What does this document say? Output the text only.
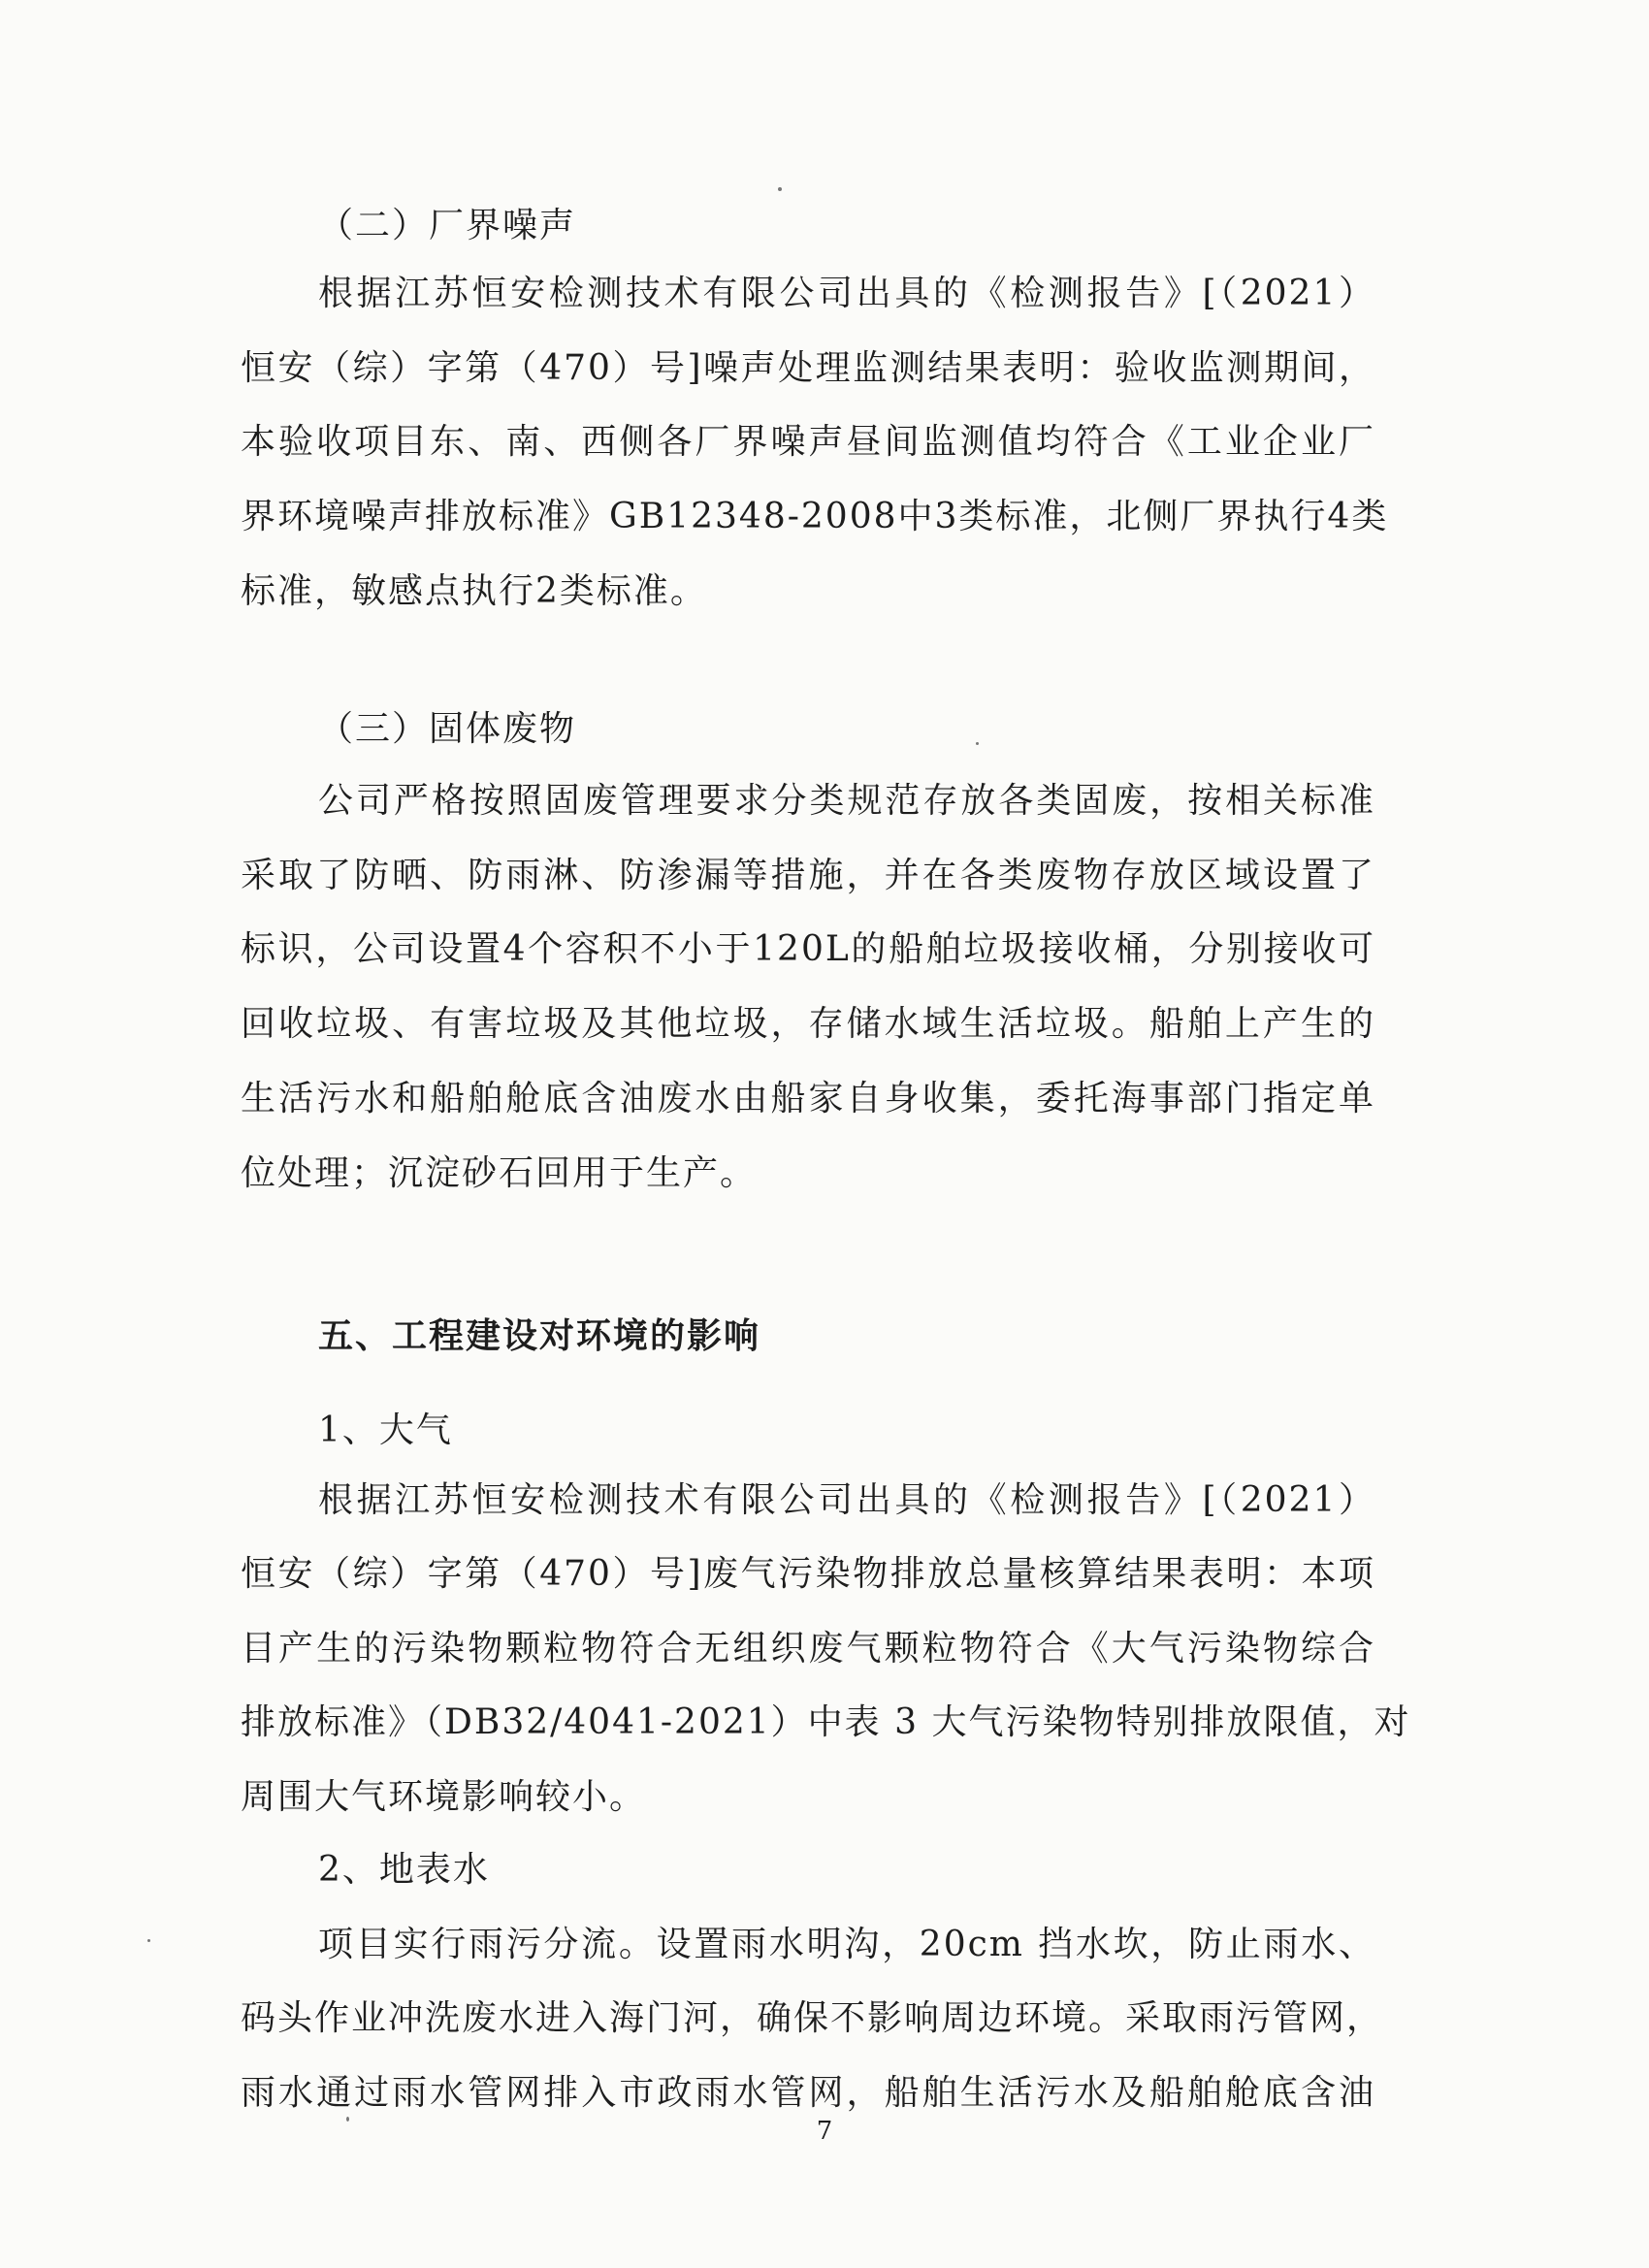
（二）厂界噪声
根据江苏恒安检测技术有限公司出具的《检测报告》[（2021）
恒安（综）字第（470）号]噪声处理监测结果表明：验收监测期间，
本验收项目东、南、西侧各厂界噪声昼间监测值均符合《工业企业厂
界环境噪声排放标准》GB12348-2008中3类标准，北侧厂界执行4类
标准，敏感点执行2类标准。
（三）固体废物
公司严格按照固废管理要求分类规范存放各类固废，按相关标准
采取了防晒、防雨淋、防渗漏等措施，并在各类废物存放区域设置了
标识，公司设置4个容积不小于120L的船舶垃圾接收桶，分别接收可
回收垃圾、有害垃圾及其他垃圾，存储水域生活垃圾。船舶上产生的
生活污水和船舶舱底含油废水由船家自身收集，委托海事部门指定单
位处理；沉淀砂石回用于生产。
五、工程建设对环境的影响
1、大气
根据江苏恒安检测技术有限公司出具的《检测报告》[（2021）
恒安（综）字第（470）号]废气污染物排放总量核算结果表明：本项
目产生的污染物颗粒物符合无组织废气颗粒物符合《大气污染物综合
排放标准》（DB32/4041-2021）中表 3 大气污染物特别排放限值，对
周围大气环境影响较小。
2、地表水
项目实行雨污分流。设置雨水明沟，20cm 挡水坎，防止雨水、
码头作业冲洗废水进入海门河，确保不影响周边环境。采取雨污管网，
雨水通过雨水管网排入市政雨水管网，船舶生活污水及船舶舱底含油
7
